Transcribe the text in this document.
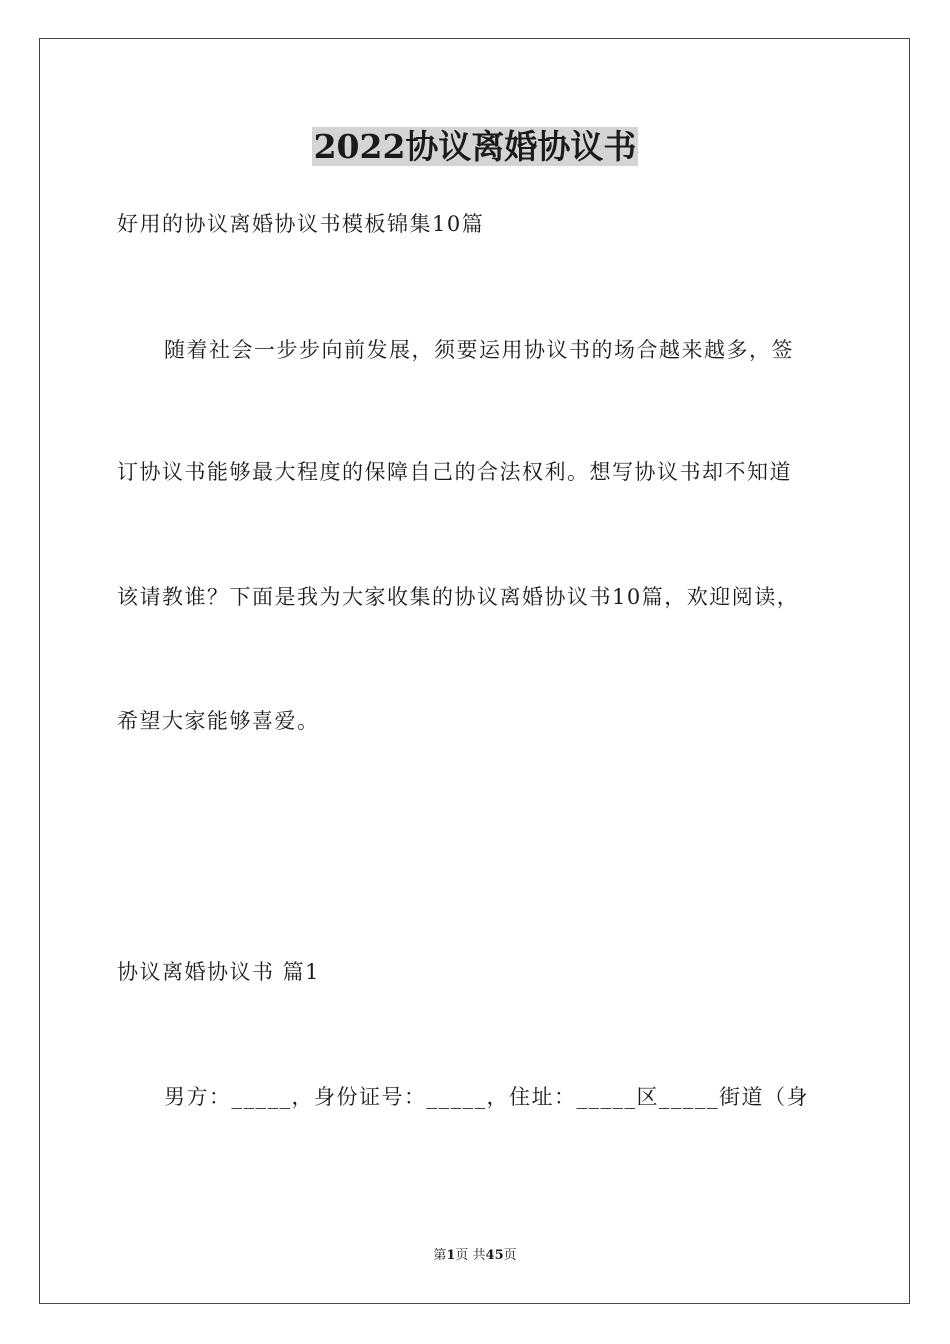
2022协议离婚协议书
好用的协议离婚协议书模板锦集10篇
随着社会一步步向前发展，须要运用协议书的场合越来越多，签
订协议书能够最大程度的保障自己的合法权利。想写协议书却不知道
该请教谁？下面是我为大家收集的协议离婚协议书10篇，欢迎阅读，
希望大家能够喜爱。
协议离婚协议书 篇1
男方：_____，身份证号：_____，住址：_____区_____街道（身
第1页 共45页
